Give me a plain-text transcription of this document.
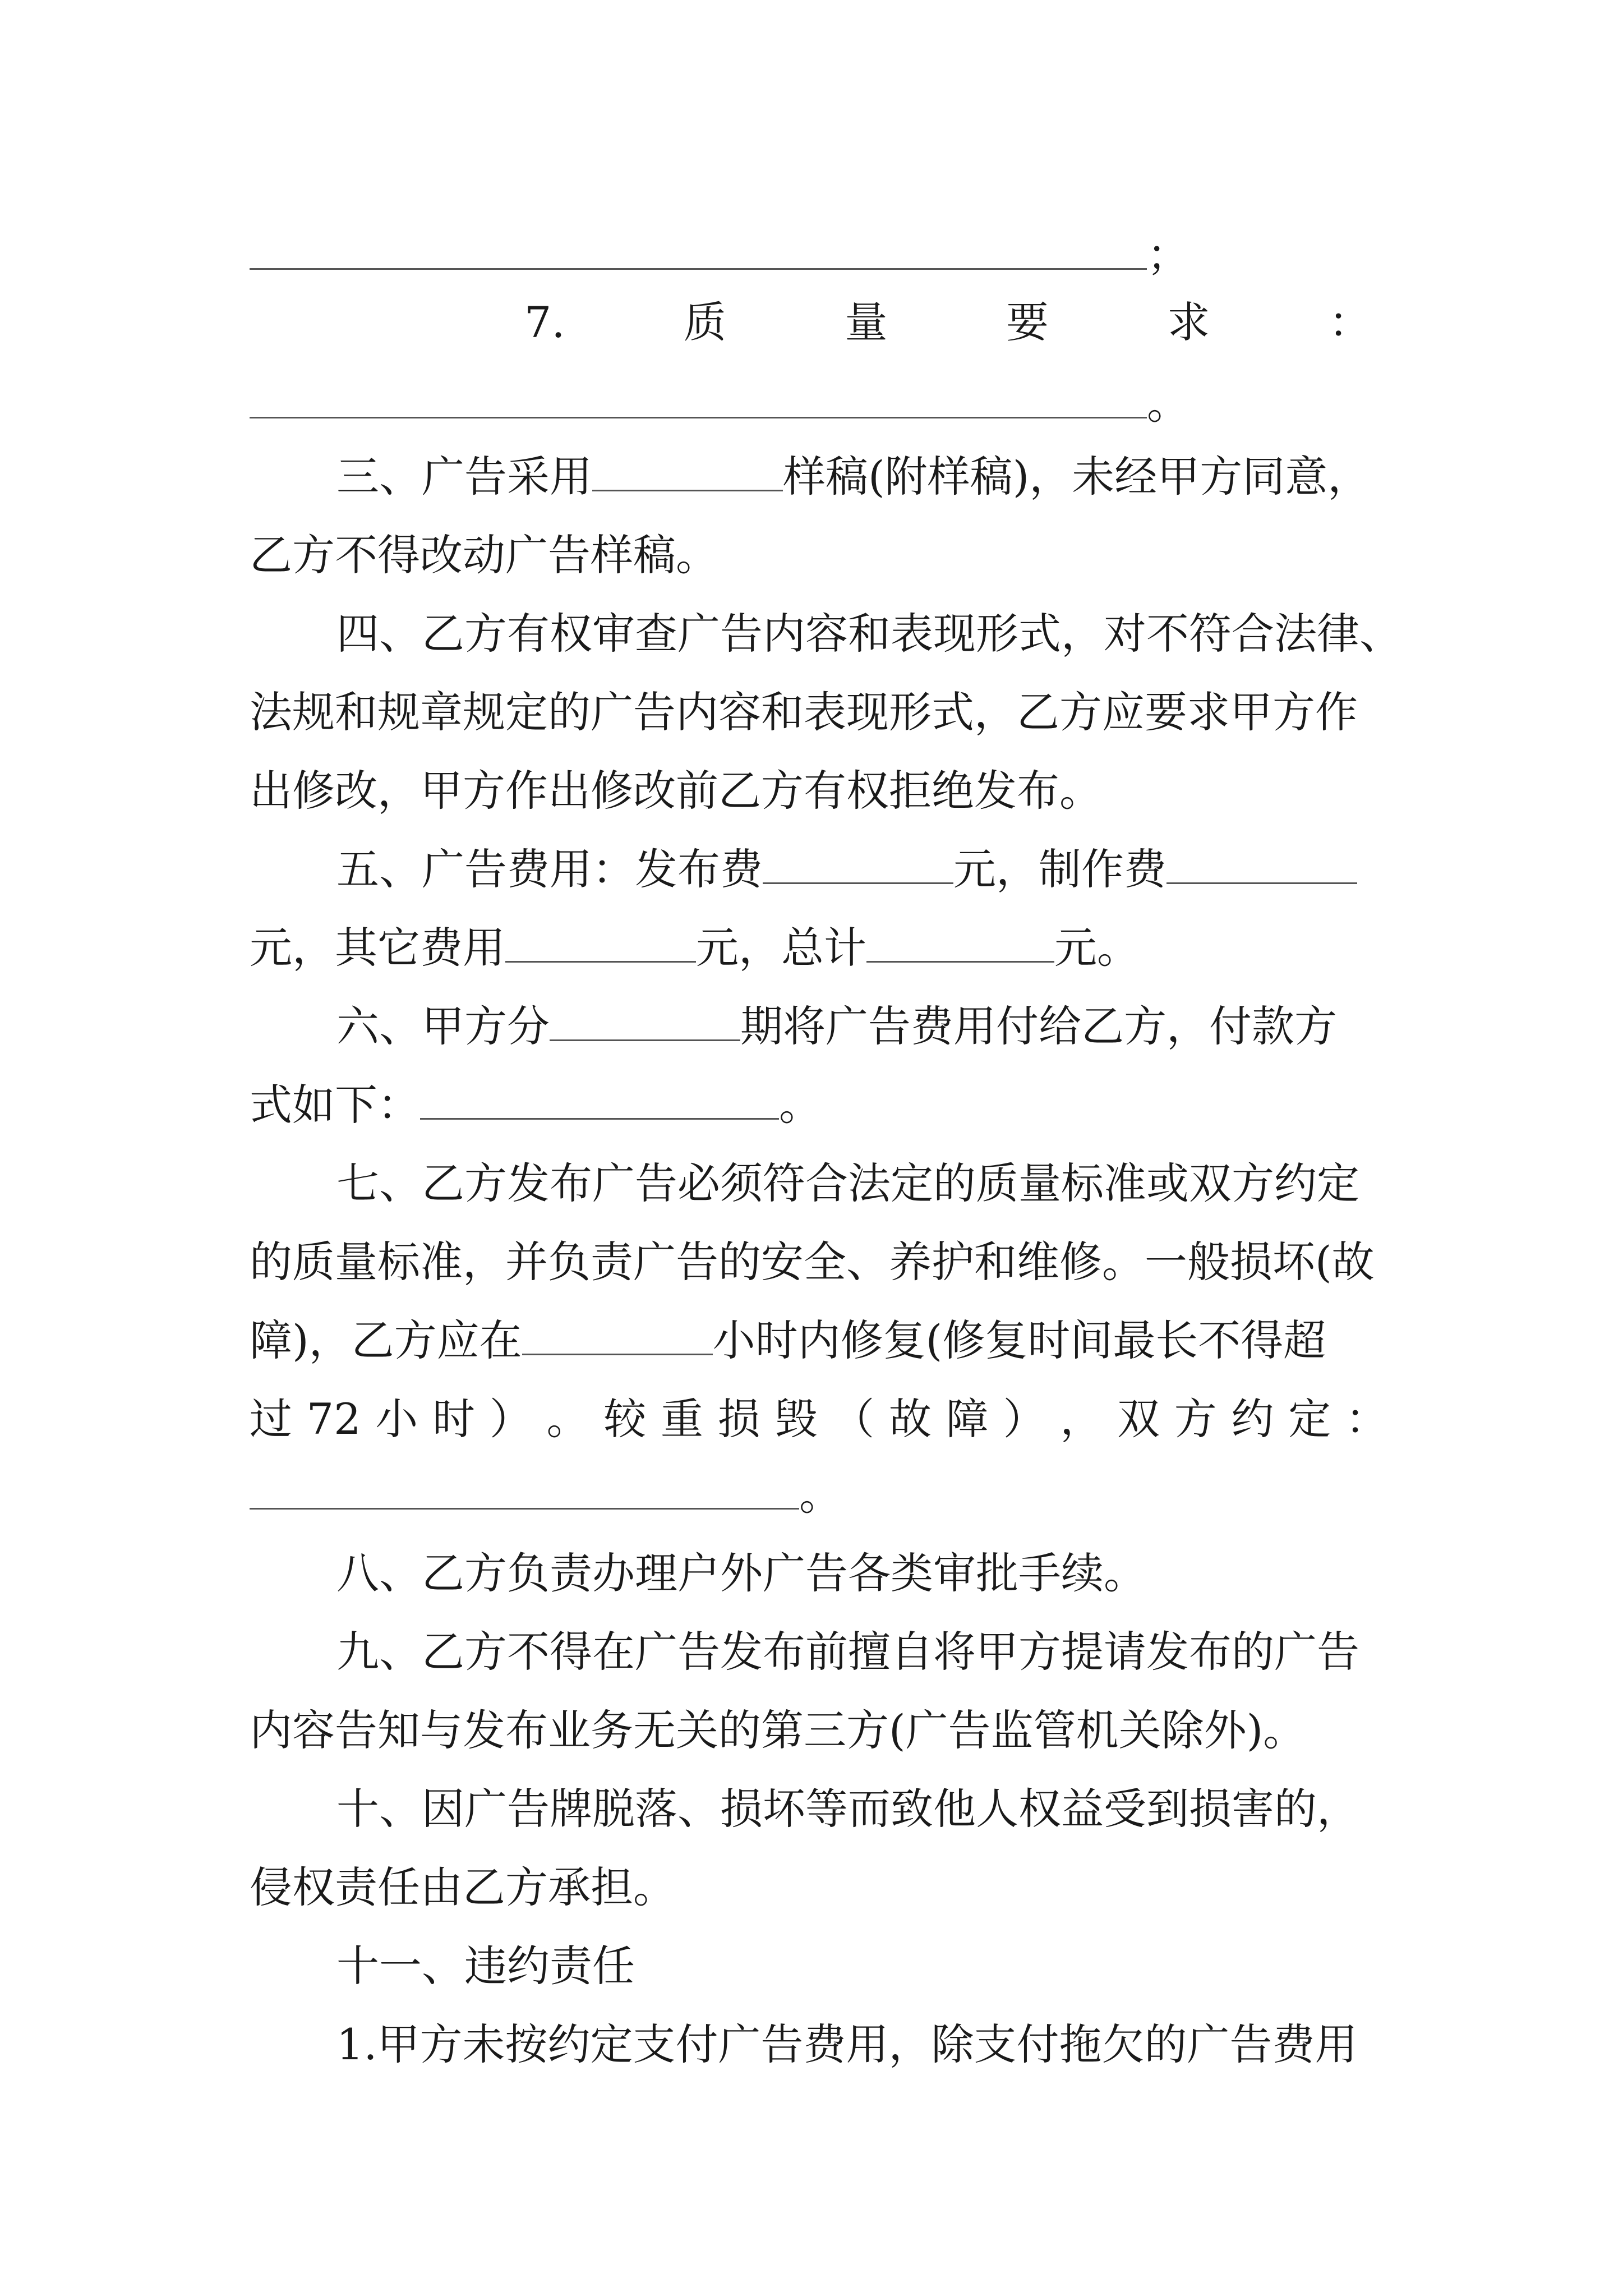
；
7.	质	量	要	求	：
。
三、广告采用	样稿(附样稿)，未经甲方同意，
乙方不得改动广告样稿。
四、乙方有权审查广告内容和表现形式，对不符合法律、
法规和规章规定的广告内容和表现形式，乙方应要求甲方作
出修改，甲方作出修改前乙方有权拒绝发布。
五、广告费用：发布费	元，制作费
元，其它费用	元，总计	元。
六、甲方分	期将广告费用付给乙方，付款方
式如下：	。
七、乙方发布广告必须符合法定的质量标准或双方约定
的质量标准，并负责广告的安全、养护和维修。一般损坏(故
障)，乙方应在	小时内修复(修复时间最长不得超
过 72 小 时 ） 。 较 重 损 毁 （ 故 障 ） ， 双 方 约 定 ：
。
八、乙方负责办理户外广告各类审批手续。
九、乙方不得在广告发布前擅自将甲方提请发布的广告
内容告知与发布业务无关的第三方(广告监管机关除外)。
十、因广告牌脱落、损坏等而致他人权益受到损害的，
侵权责任由乙方承担。
十一、违约责任
1.甲方未按约定支付广告费用，除支付拖欠的广告费用
